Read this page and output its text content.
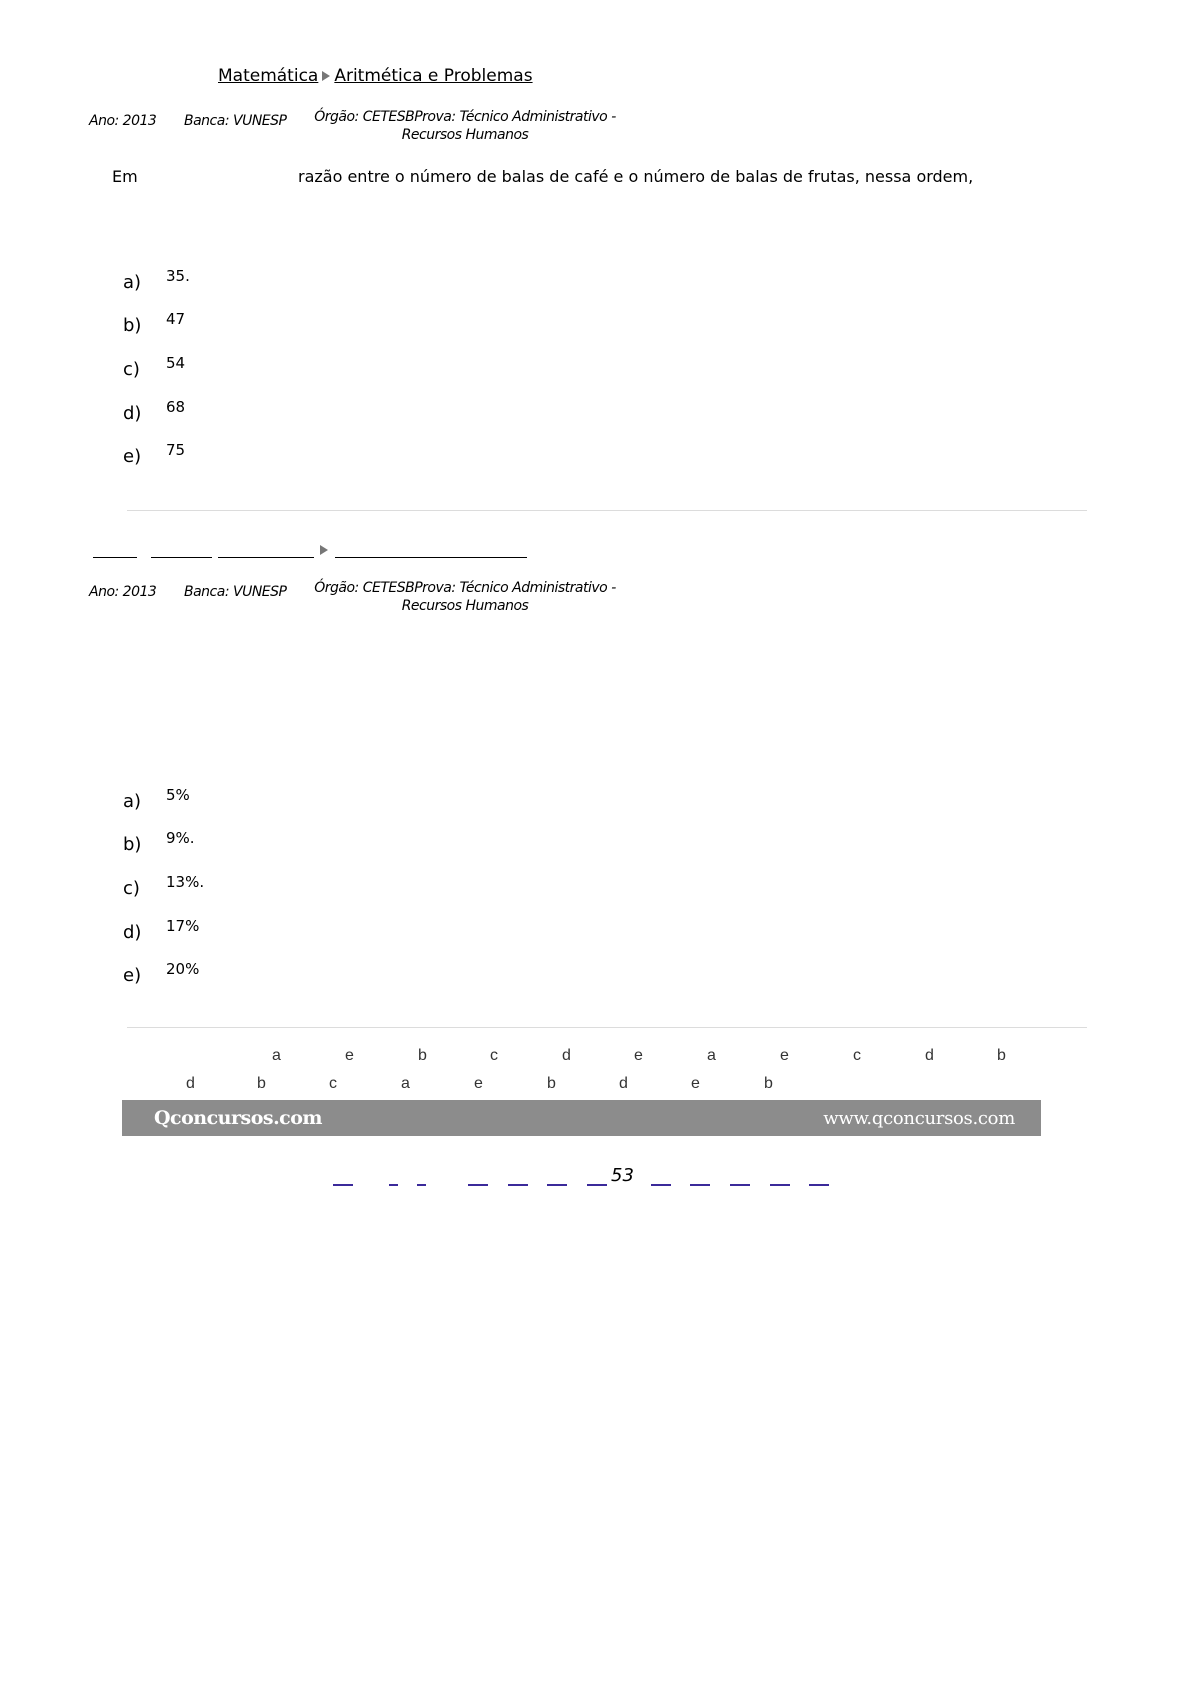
Matemática Aritmética e Problemas
Ano: 2013 Banca: VUNESP	Órgão: CETESBProva: Técnico Administrativo -
Recursos Humanos
Em	razão entre o número de balas de café e o número de balas de frutas, nessa ordem,
a) 35.
b) 47
c) 54
d) 68
e) 75
Ano: 2013 Banca: VUNESP	Órgão: CETESBProva: Técnico Administrativo -
Recursos Humanos
a) 5%
b) 9%.
c) 13%.
d) 17%
e) 20%
a	e	b	c	d	e	a	e	c	d	b
d	b	c	a	e	b	d	e	b
Qconcursos.com	www.qconcursos.com
53
